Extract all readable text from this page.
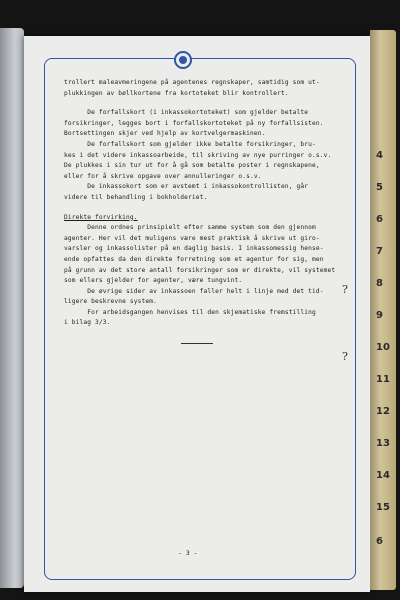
trollert maleavmeringene på agentenes regnskaper, samtidig som ut-

plukkingen av bøllkortene fra kortoteket blir kontrollert.

De forfallskort (i inkassokortoteket) som gjelder betalte

forsikringer, legges bort i forfallskortoteket på ny forfallsisten.

Bortsettingen skjer ved hjelp av kortvelgermaskinen.

De forfallskort som gjelder ikke betalte forsikringer, bru-

kes i det videre inkassoarbeide, til skriving av nye purringer o.s.v.

De plukkes i sin tur ut for å gå som betalte poster i regnskapene,

eller for å skrive opgave over annulleringer o.s.v.

De inkassokort som er avstemt i inkassokontrollisten, går

videre til behandling i bokholderiet.

Direkte forvirking.

Denne ordnes prinsipielt efter samme system som den gjennom

agenter. Her vil det muligens være mest praktisk å skrive ut giro-

varsler og inkassolister på en daglig basis. I inkassomessig hense-

ende opfattes da den direkte forretning som et agentur for sig, men

på grunn av det store antall forsikringer som er direkte, vil systemet

som ellers gjelder for agenter, være tungvint.

De øvrige sider av inkassoen faller helt i linje med det tid-

ligere beskrevne system.

For arbeidsgangen henvises til den skjematiske fremstilling

i bilag 3/3.

- 3 -
?
?
4
5
6
7
8
9
10
11
12
13
14
15
6
